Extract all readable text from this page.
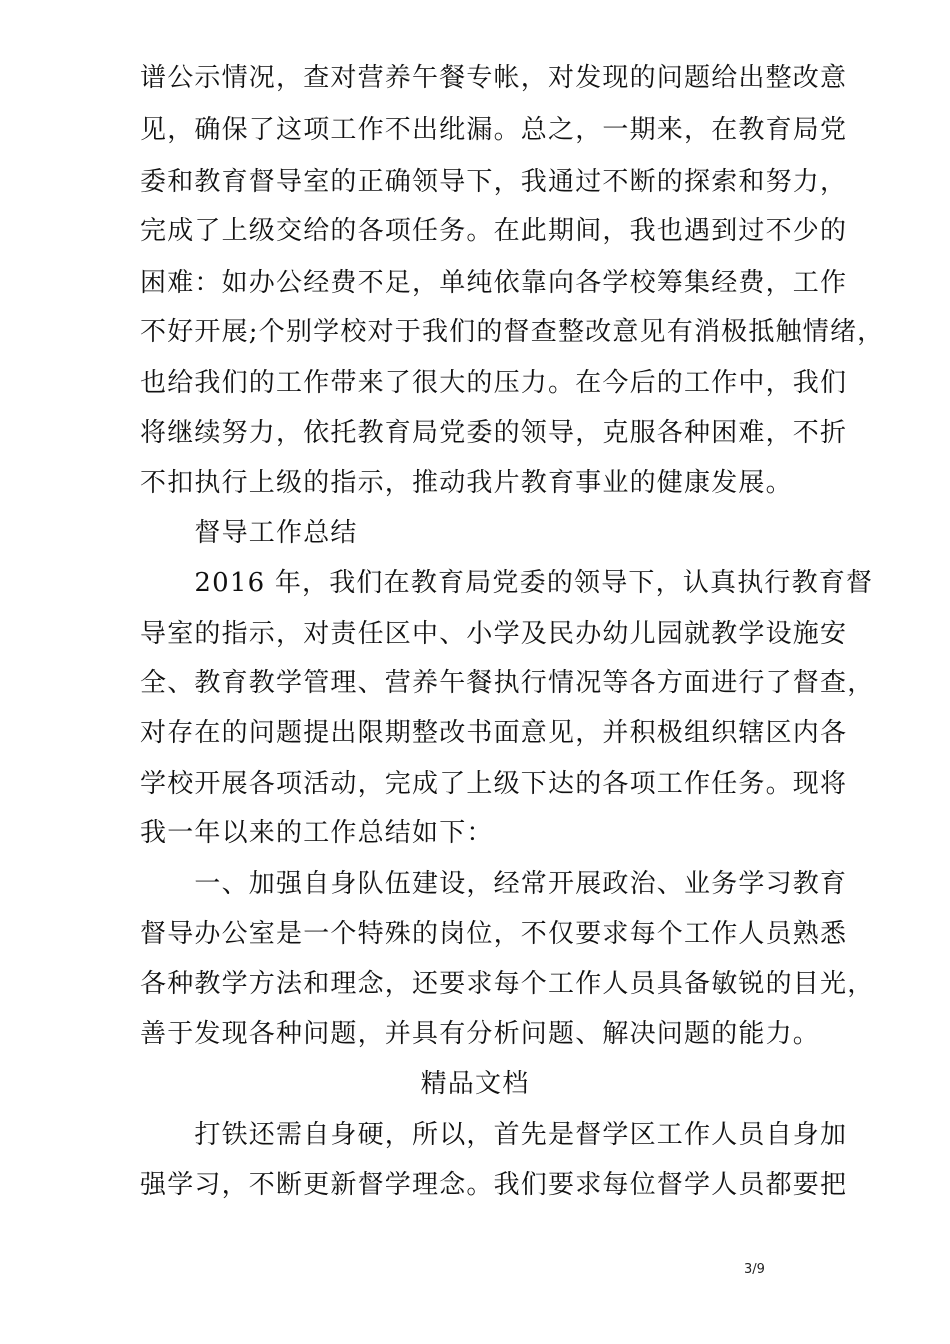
谱公示情况，查对营养午餐专帐，对发现的问题给出整改意
见，确保了这项工作不出纰漏。总之，一期来，在教育局党
委和教育督导室的正确领导下，我通过不断的探索和努力，
完成了上级交给的各项任务。在此期间，我也遇到过不少的
困难：如办公经费不足，单纯依靠向各学校筹集经费，工作
不好开展;个别学校对于我们的督查整改意见有消极抵触情绪，
也给我们的工作带来了很大的压力。在今后的工作中，我们
将继续努力，依托教育局党委的领导，克服各种困难，不折
不扣执行上级的指示，推动我片教育事业的健康发展。
　　督导工作总结
　　2016 年，我们在教育局党委的领导下，认真执行教育督
导室的指示，对责任区中、小学及民办幼儿园就教学设施安
全、教育教学管理、营养午餐执行情况等各方面进行了督查，
对存在的问题提出限期整改书面意见，并积极组织辖区内各
学校开展各项活动，完成了上级下达的各项工作任务。现将
我一年以来的工作总结如下：
　　一、加强自身队伍建设，经常开展政治、业务学习教育
督导办公室是一个特殊的岗位，不仅要求每个工作人员熟悉
各种教学方法和理念，还要求每个工作人员具备敏锐的目光，
善于发现各种问题，并具有分析问题、解决问题的能力。
精品文档
　　打铁还需自身硬，所以，首先是督学区工作人员自身加
强学习，不断更新督学理念。我们要求每位督学人员都要把
3/9
